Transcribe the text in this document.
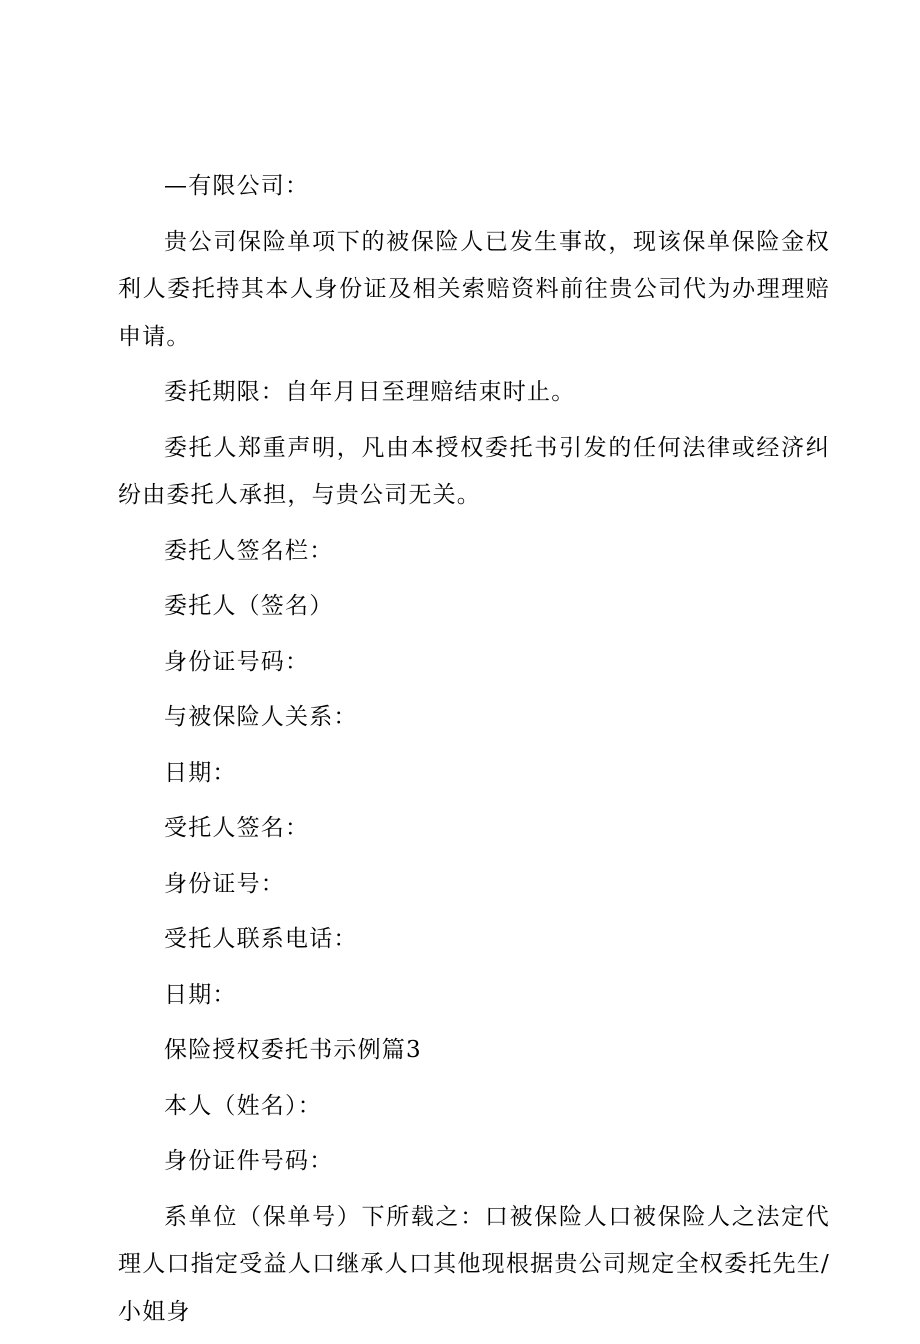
—有限公司：

贵公司保险单项下的被保险人已发生事故，现该保单保险金权利人委托持其本人身份证及相关索赔资料前往贵公司代为办理理赔申请。

委托期限：自年月日至理赔结束时止。

委托人郑重声明，凡由本授权委托书引发的任何法律或经济纠纷由委托人承担，与贵公司无关。

委托人签名栏：

委托人（签名）

身份证号码：

与被保险人关系：

日期：

受托人签名：

身份证号：

受托人联系电话：

日期：

保险授权委托书示例篇3

本人（姓名）：

身份证件号码：

系单位（保单号）下所载之：口被保险人口被保险人之法定代理人口指定受益人口继承人口其他现根据贵公司规定全权委托先生/小姐身
